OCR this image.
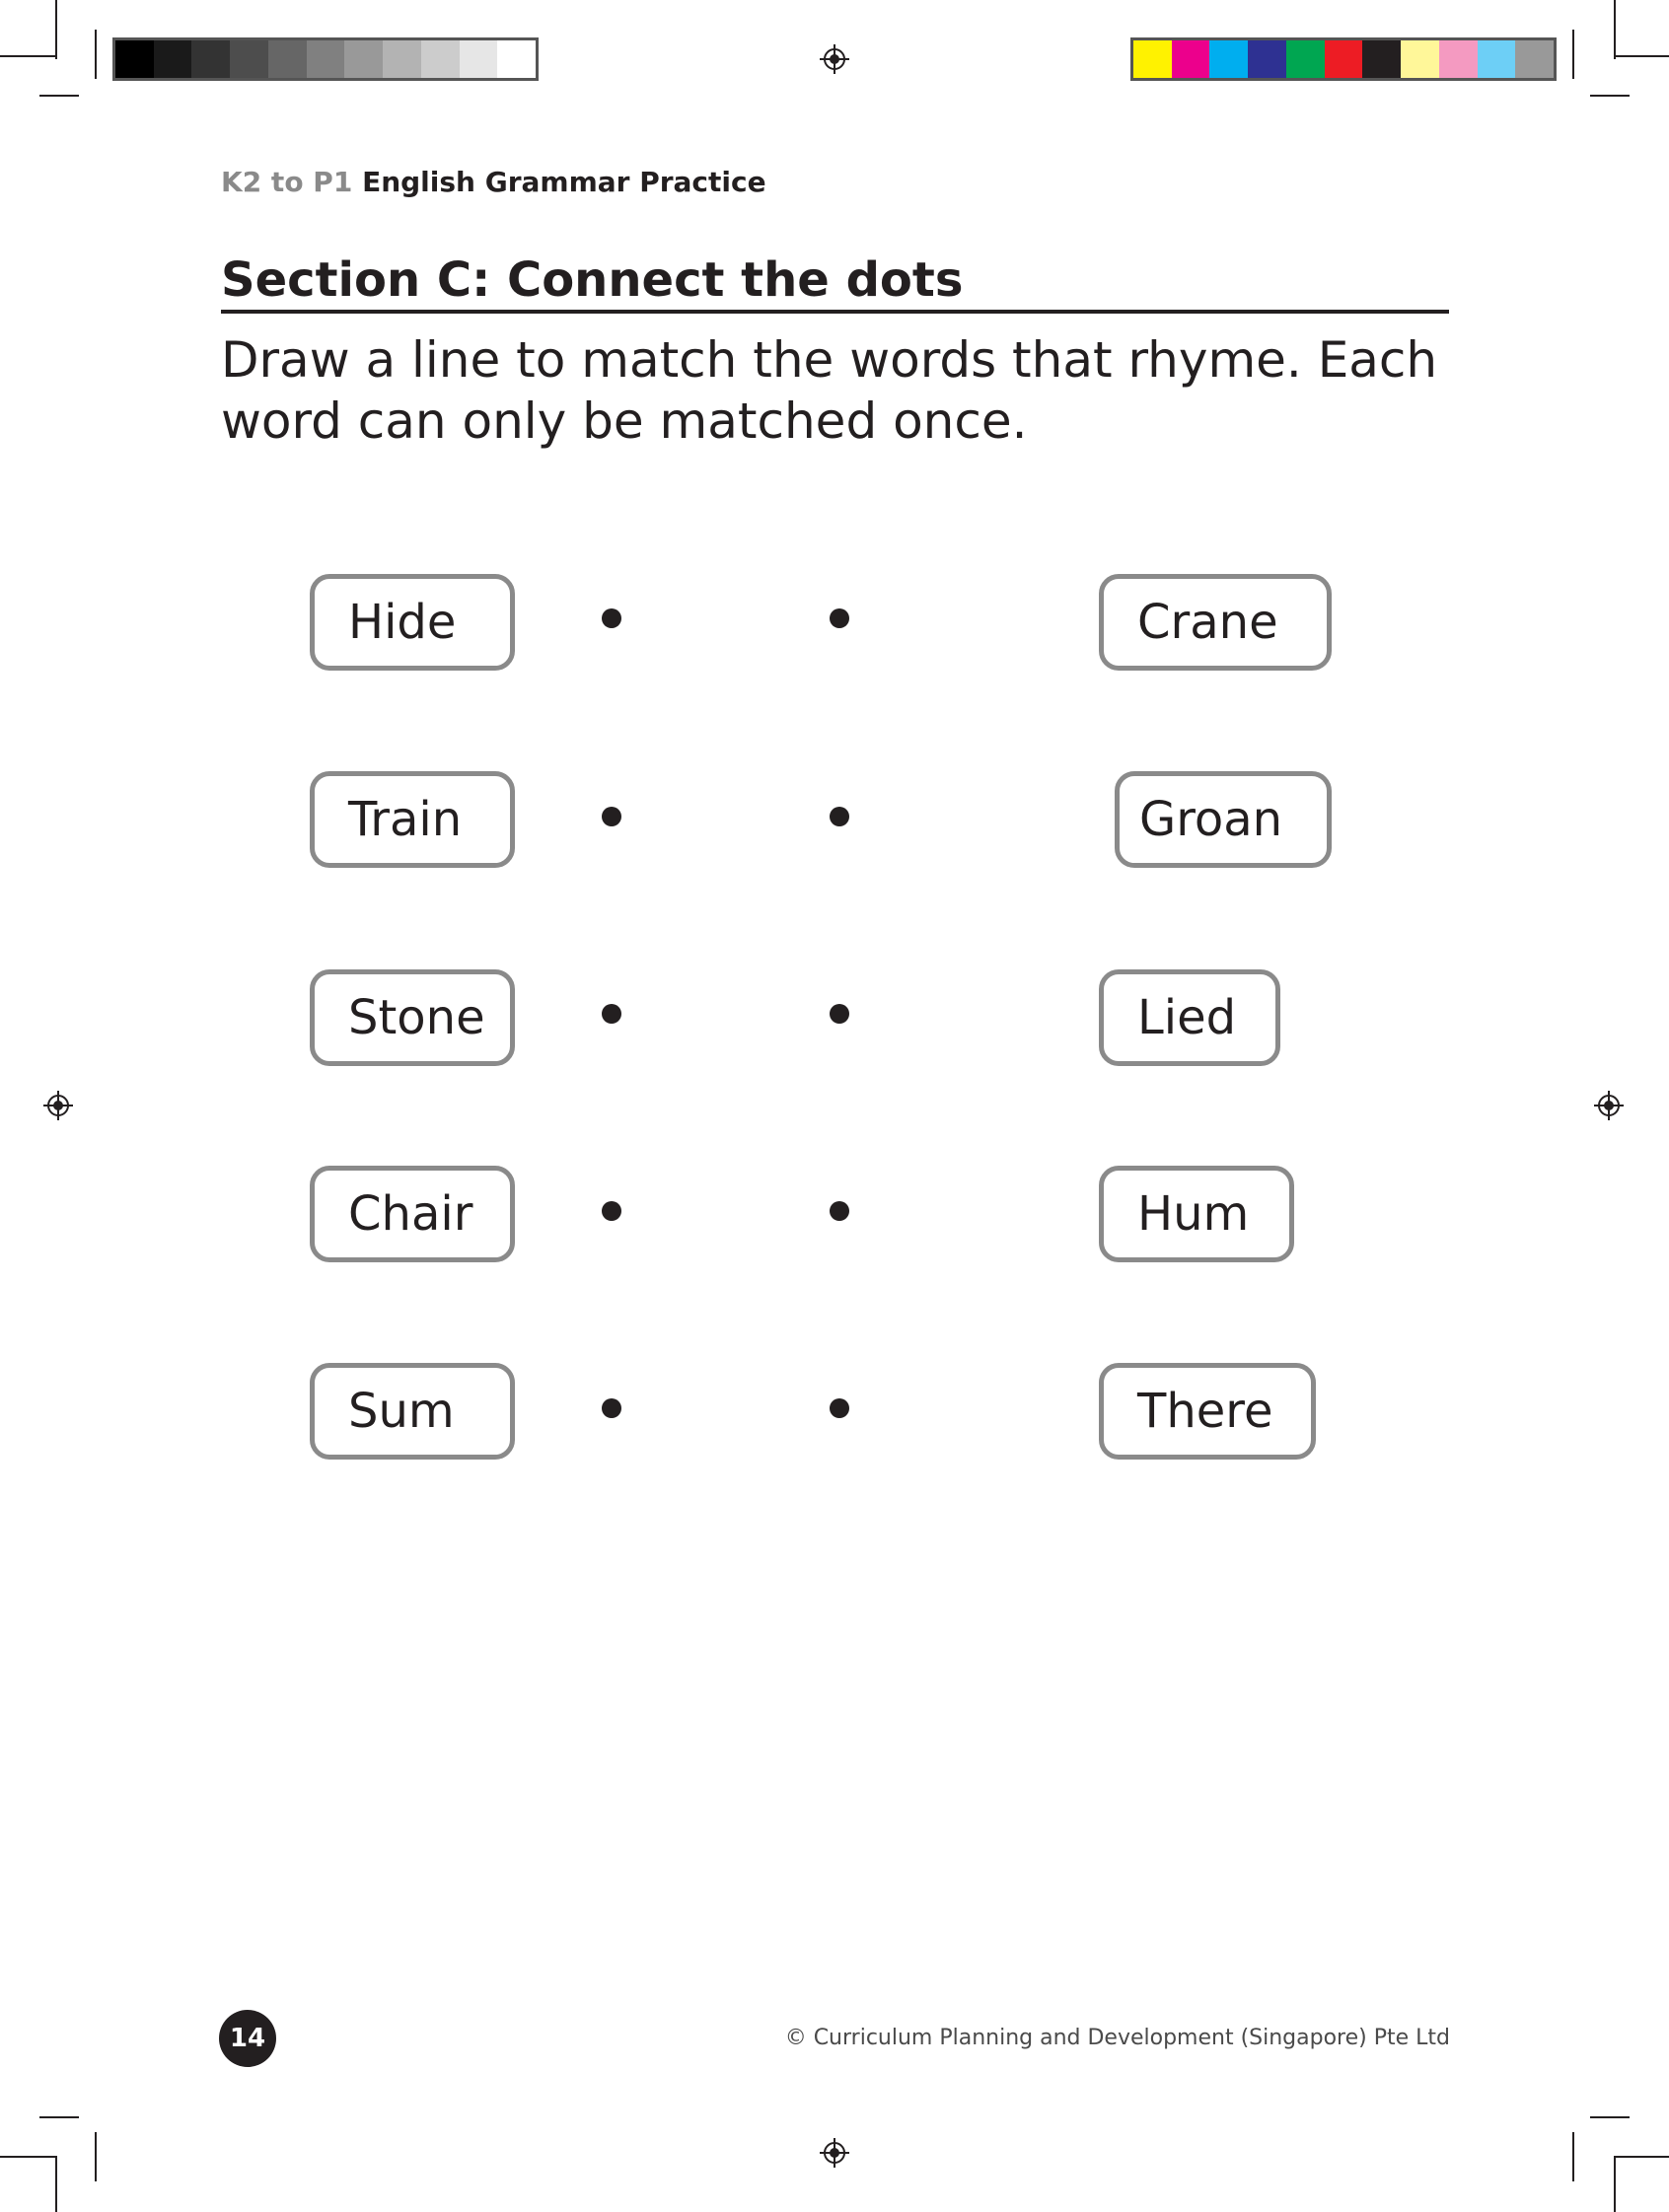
K2 to P1 English Grammar Practice
Section C: Connect the dots
Draw a line to match the words that rhyme. Each word can only be matched once.
Hide	Crane
Train	Groan
Stone	Lied
Chair	Hum
Sum	There
14	© Curriculum Planning and Development (Singapore) Pte Ltd
